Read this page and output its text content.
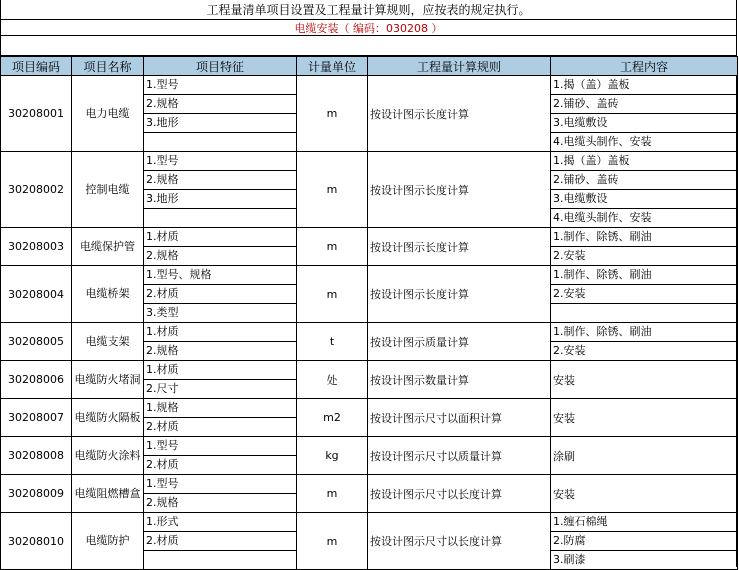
工程量清单项目设置及工程量计算规则，应按表的规定执行。
电缆安装（ 编码：030208 ）
项目编码	项目名称	项目特征	计量单位	工程量计算规则	工程内容
30208001	电力电缆	1.型号	m	按设计图示长度计算	1.揭（盖）盖板
		2.规格			2.铺砂、盖砖
		3.地形			3.电缆敷设
					4.电缆头制作、安装
30208002	控制电缆	1.型号	m	按设计图示长度计算	1.揭（盖）盖板
		2.规格			2.铺砂、盖砖
		3.地形			3.电缆敷设
					4.电缆头制作、安装
30208003	电缆保护管	1.材质	m	按设计图示长度计算	1.制作、除锈、刷油
		2.规格			2.安装
30208004	电缆桥架	1.型号、规格	m	按设计图示长度计算	1.制作、除锈、刷油
		2.材质			2.安装
		3.类型			
30208005	电缆支架	1.材质	t	按设计图示质量计算	1.制作、除锈、刷油
		2.规格			2.安装
30208006	电缆防火堵洞	1.材质	处	按设计图示数量计算	安装
		2.尺寸			
30208007	电缆防火隔板	1.规格	m2	按设计图示尺寸以面积计算	安装
		2.材质			
30208008	电缆防火涂料	1.型号	kg	按设计图示尺寸以质量计算	涂刷
		2.材质			
30208009	电缆阻燃槽盒	1.型号	m	按设计图示尺寸以长度计算	安装
		2.规格			
30208010	电缆防护	1.形式	m	按设计图示尺寸以长度计算	1.缠石棉绳
		2.材质			2.防腐
					3.刷漆
